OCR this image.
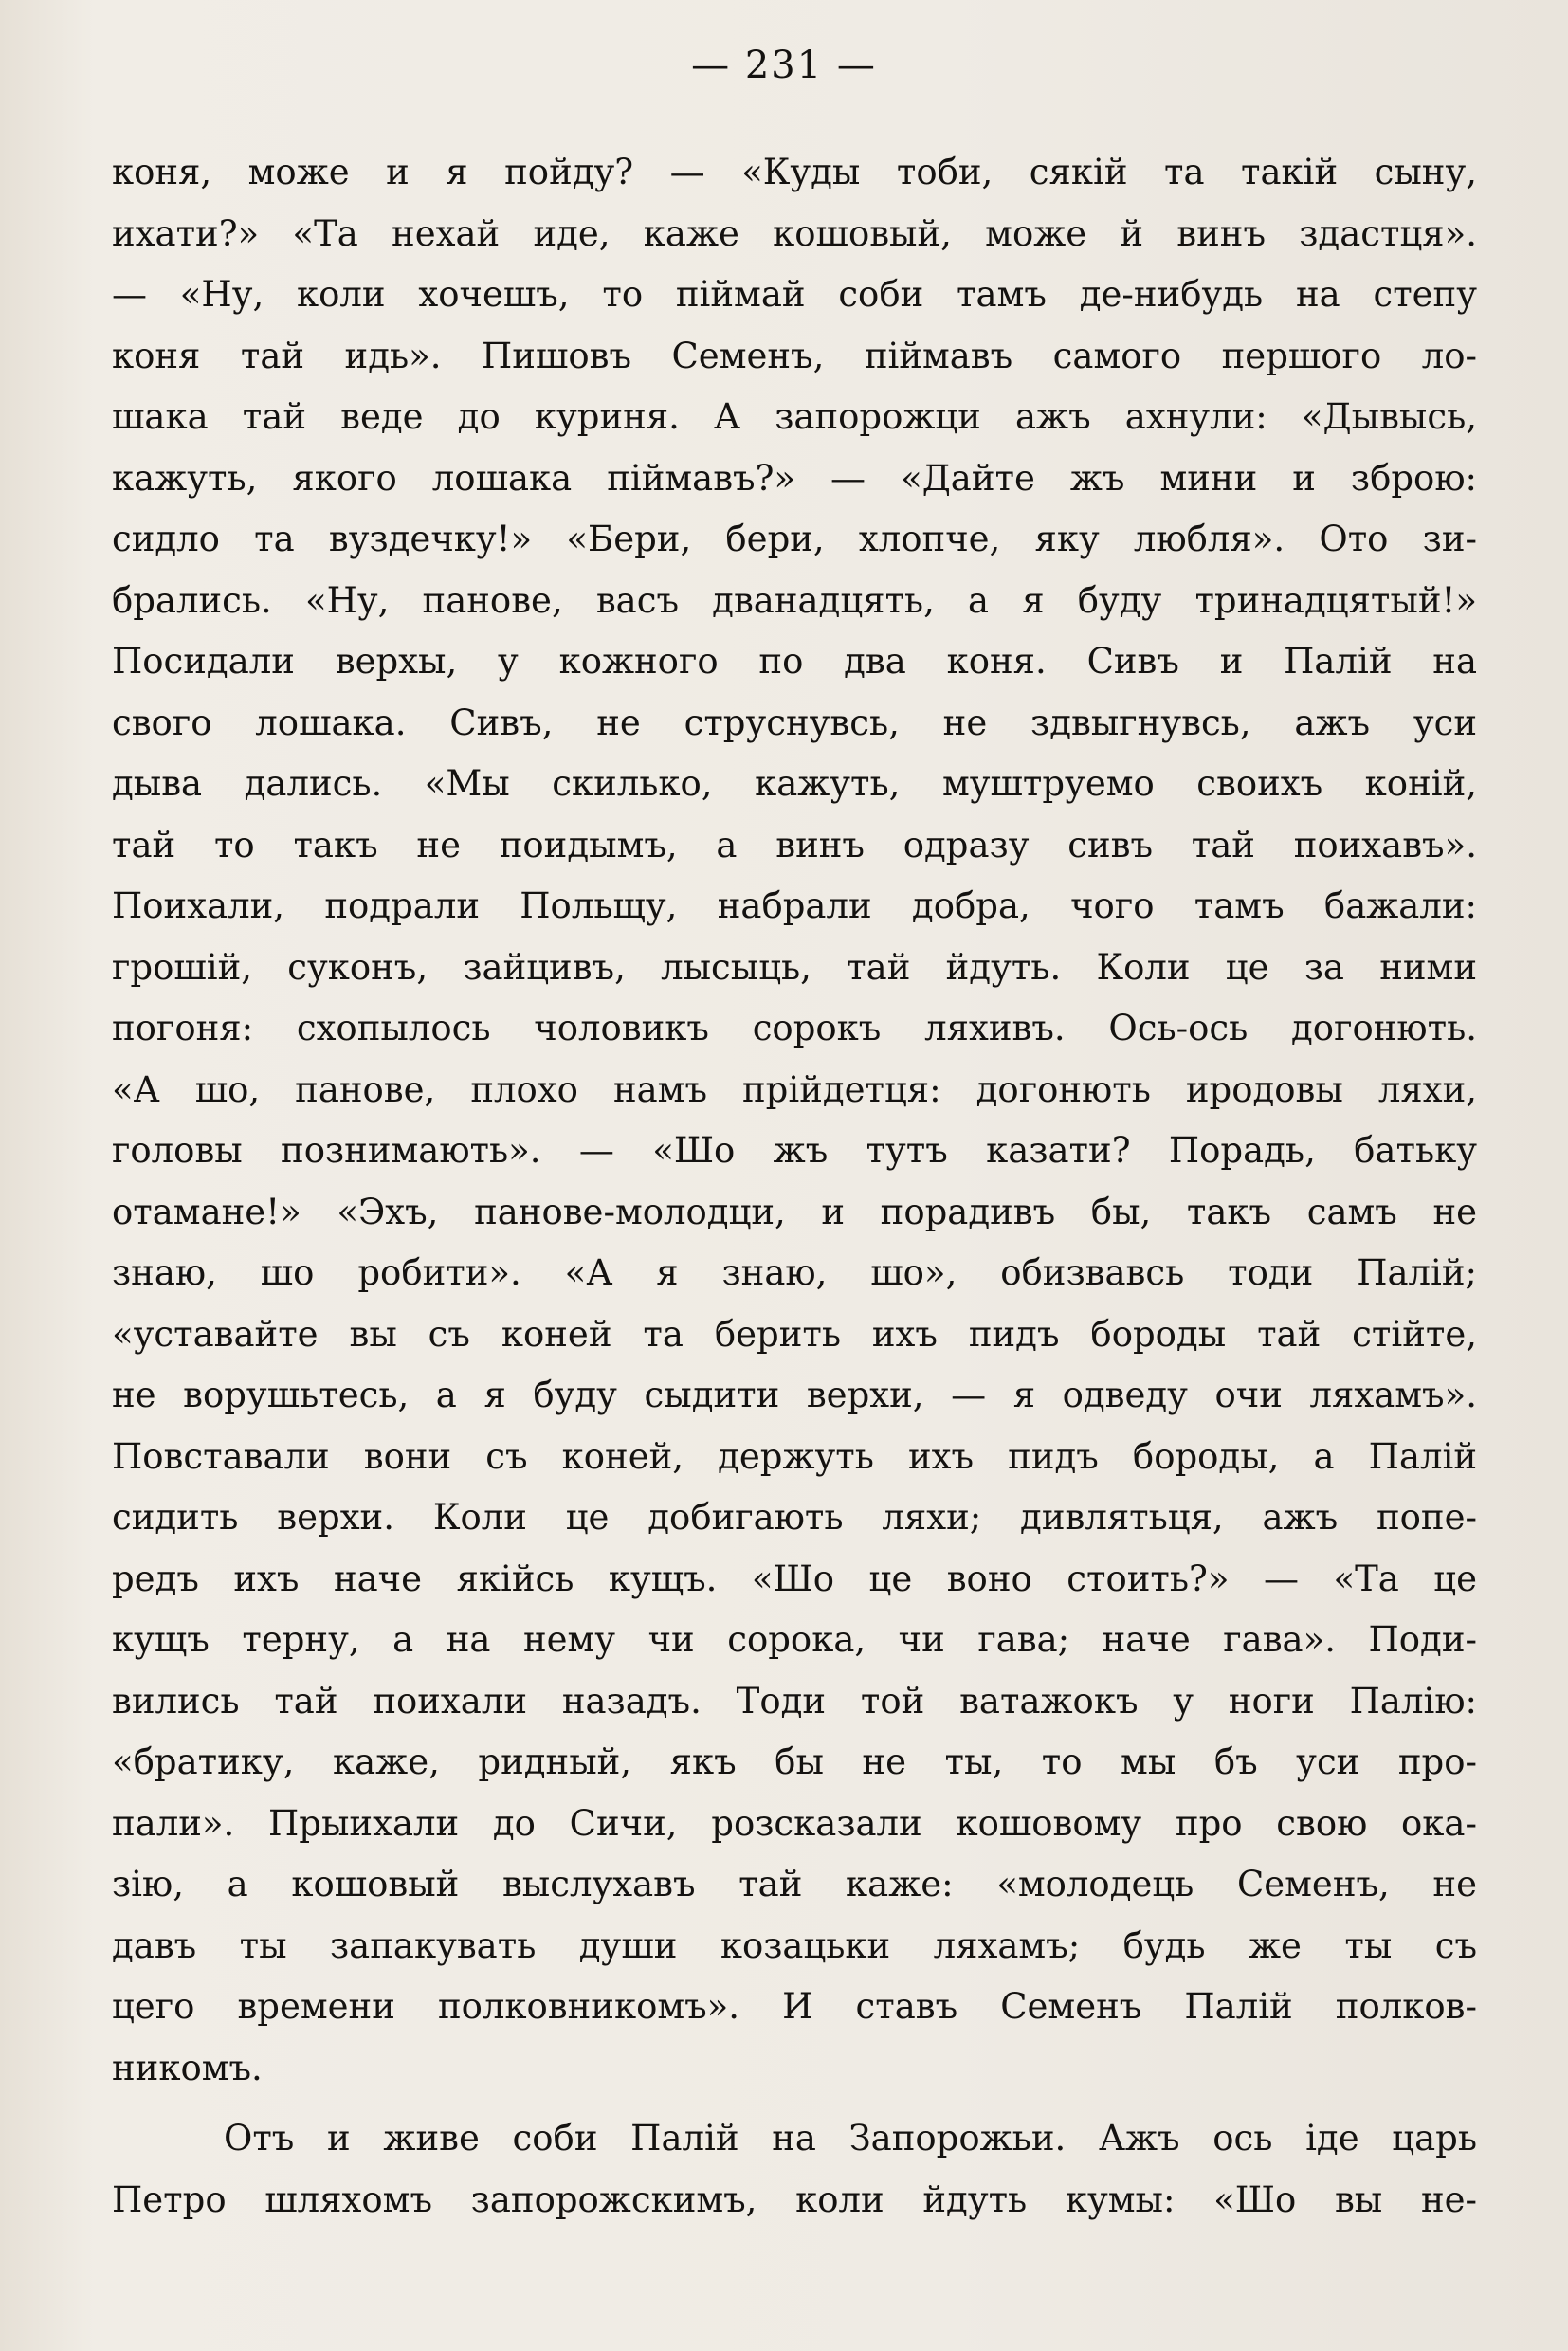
— 231 —
коня, може и я пойду? — «Куды тоби, сякій та такій сыну,
ихати?» «Та нехай иде, каже кошовый, може й винъ здастця».
— «Ну, коли хочешъ, то пiймай соби тамъ де-нибудь на степу
коня тай идь». Пишовъ Семенъ, пiймавъ самого першого ло-
шака тай веде до куриня. А запорожци ажъ ахнули: «Дывысь,
кажуть, якого лошака пiймавъ?» — «Дайте жъ мини и зброю:
сидло та вуздечку!» «Бери, бери, хлопче, яку любля». Ото зи-
брались. «Ну, панове, васъ дванадцять, а я буду тринадцятый!»
Посидали верхы, у кожного по два коня. Сивъ и Палій на
свого лошака. Сивъ, не струснувсь, не здвыгнувсь, ажъ уси
дыва дались. «Мы скилько, кажуть, муштруемо своихъ коній,
тай то такъ не поидымъ, а винъ одразу сивъ тай поихавъ».
Поихали, подрали Польщу, набрали добра, чого тамъ бажали:
грошій, суконъ, зайцивъ, лысыць, тай йдуть. Коли це за ними
погоня: схопылось чоловикъ сорокъ ляхивъ. Ось-ось догонють.
«А шо, панове, плохо намъ прійдетця: догонють иродовы ляхи,
головы познимають». — «Шо жъ тутъ казати? Порадь, батьку
отамане!» «Эхъ, панове-молодци, и порадивъ бы, такъ самъ не
знаю, шо робити». «А я знаю, шо», обизвавсь тоди Палій;
«уставайте вы съ коней та берить ихъ пидъ бороды тай стійте,
не ворушьтесь, а я буду сыдити верхи, — я одведу очи ляхамъ».
Повставали вони съ коней, держуть ихъ пидъ бороды, а Палій
сидить верхи. Коли це добигають ляхи; дивлятьця, ажъ попе-
редъ ихъ наче якійсь кущъ. «Шо це воно стоить?» — «Та це
кущъ терну, а на нему чи сорока, чи гава; наче гава». Поди-
вились тай поихали назадъ. Тоди той ватажокъ у ноги Палію:
«братику, каже, ридный, якъ бы не ты, то мы бъ уси про-
пали». Прыихали до Сичи, розсказали кошовому про свою ока-
зію, а кошовый выслухавъ тай каже: «молодець Семенъ, не
давъ ты запакувать души козацьки ляхамъ; будь же ты съ
цего времени полковникомъ». И ставъ Семенъ Палій полков-
никомъ.
Отъ и живе соби Палій на Запорожьи. Ажъ ось іде царь
Петро шляхомъ запорожскимъ, коли йдуть кумы: «Шо вы не-
